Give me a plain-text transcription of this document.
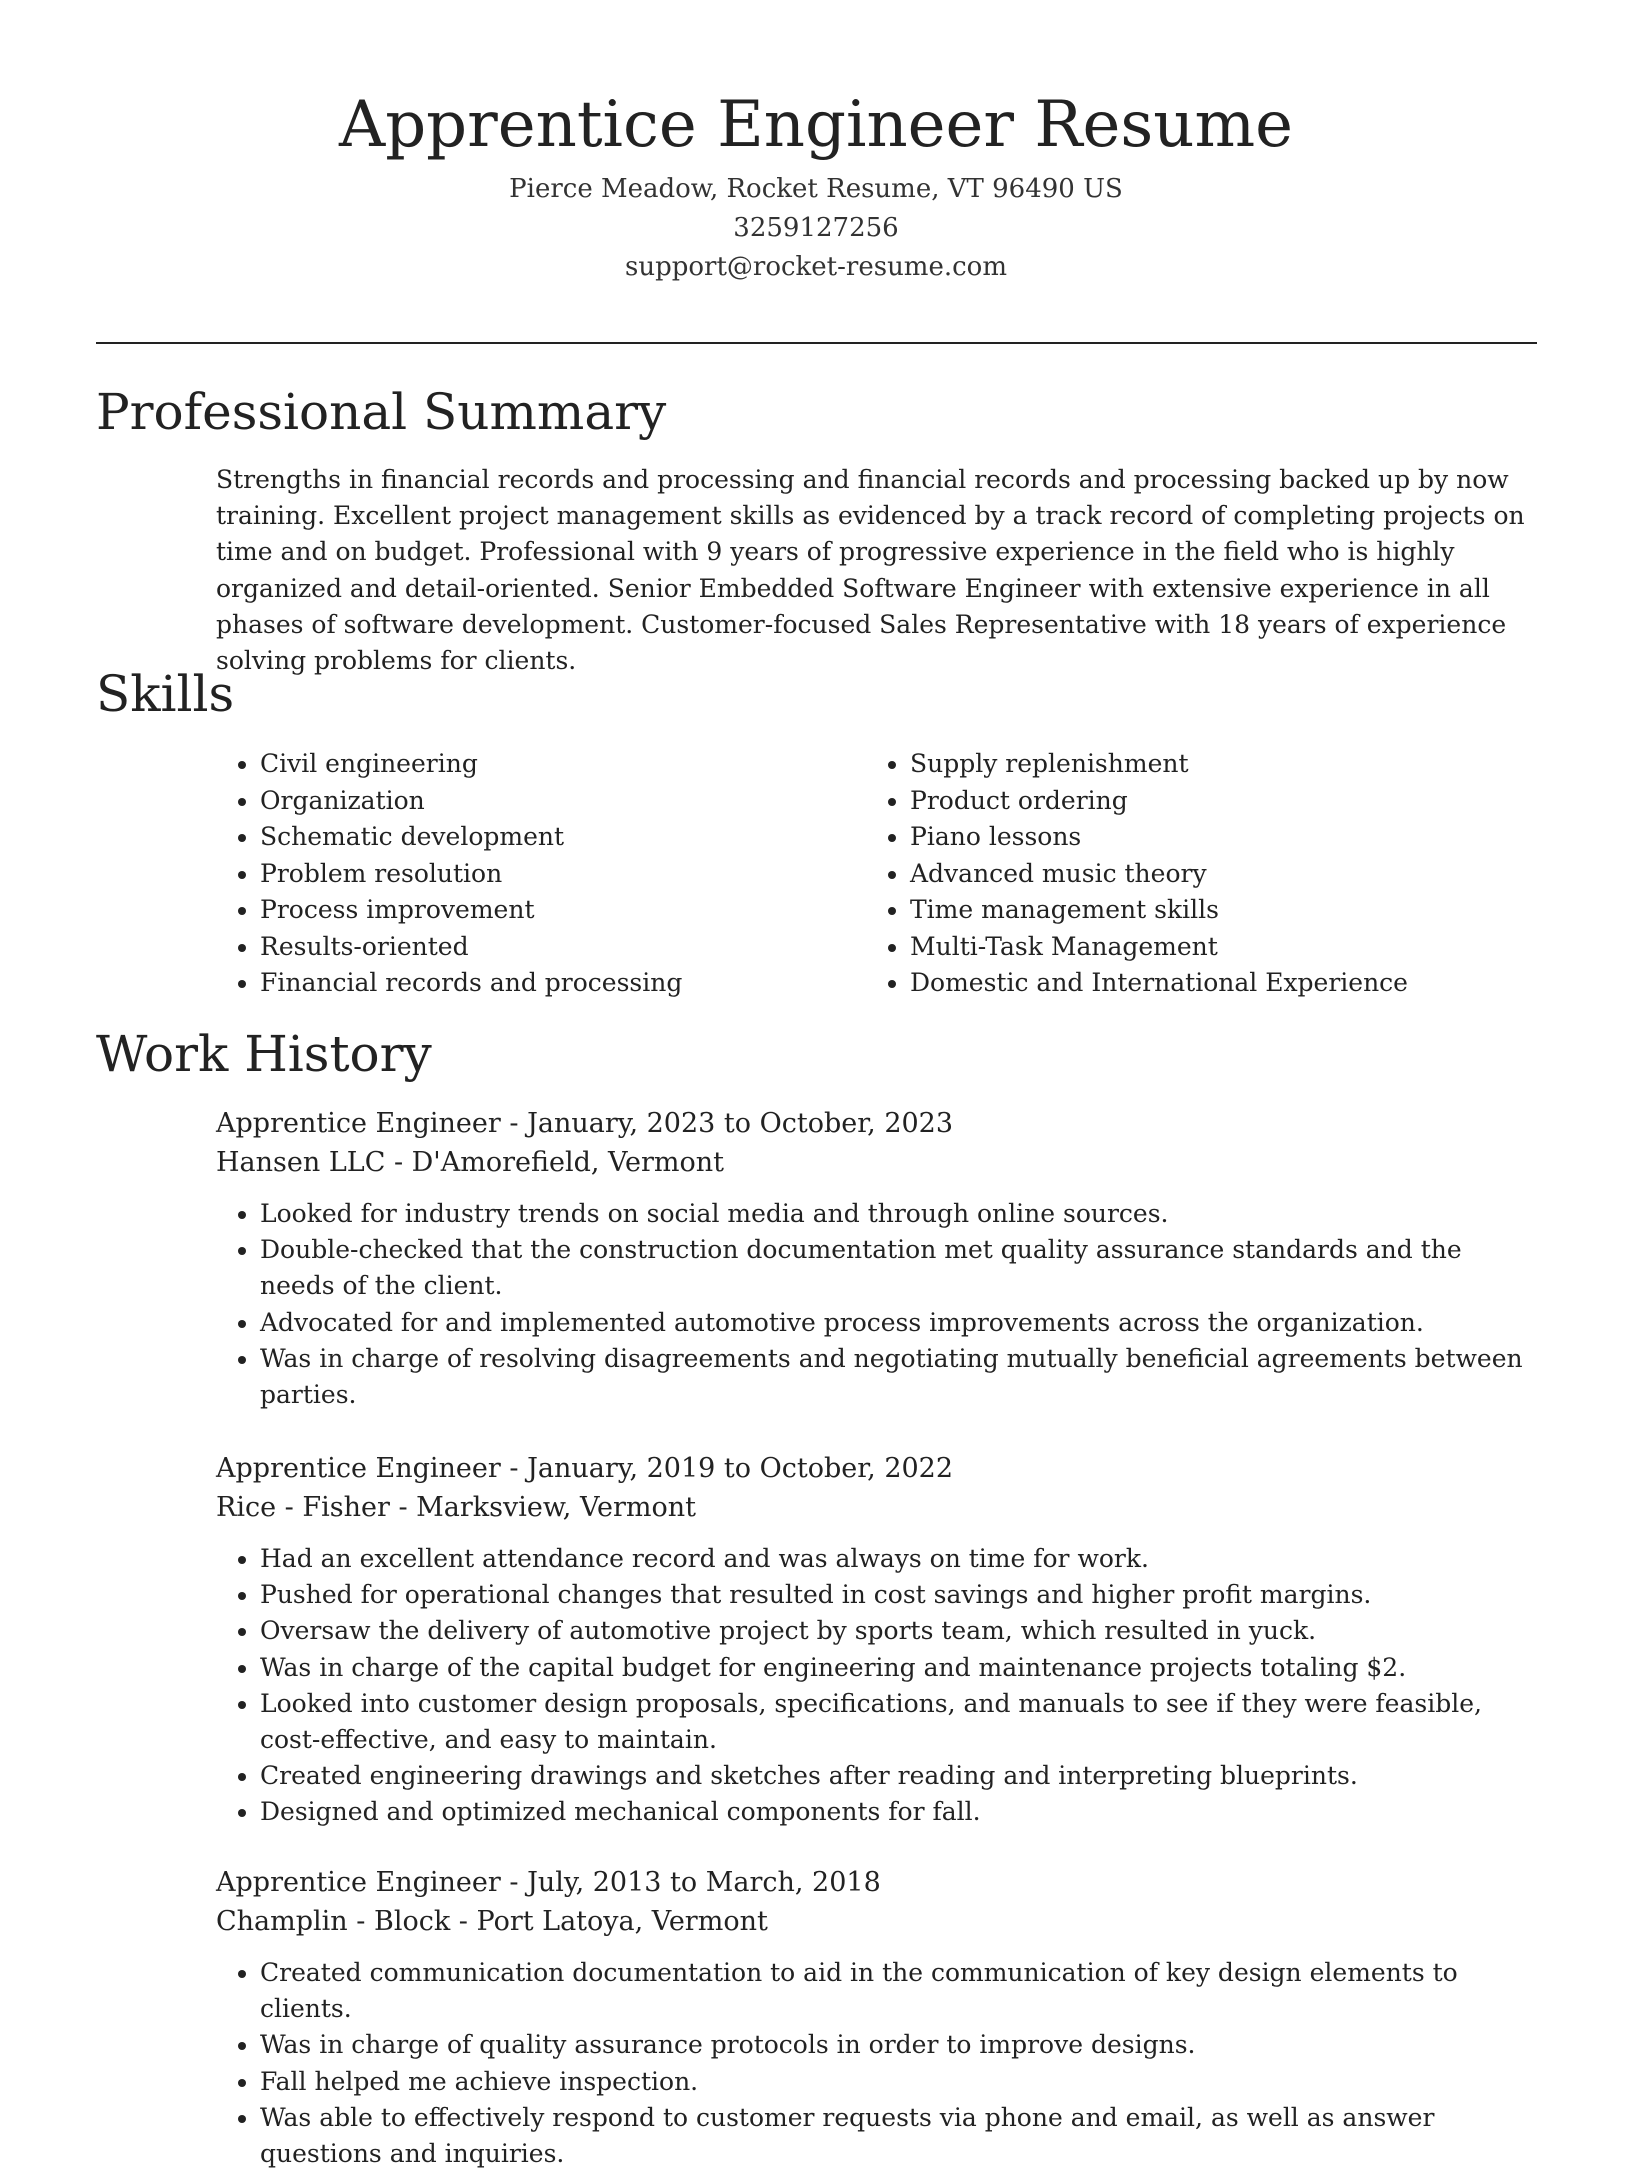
Apprentice Engineer Resume
Pierce Meadow, Rocket Resume, VT 96490 US
3259127256
support@rocket-resume.com
Professional Summary

Strengths in financial records and processing and financial records and processing backed up by now training. Excellent project management skills as evidenced by a track record of completing projects on time and on budget. Professional with 9 years of progressive experience in the field who is highly organized and detail-oriented. Senior Embedded Software Engineer with extensive experience in all phases of software development. Customer-focused Sales Representative with 18 years of experience solving problems for clients.

Skills
• Civil engineering
• Organization
• Schematic development
• Problem resolution
• Process improvement
• Results-oriented
• Financial records and processing
• Supply replenishment
• Product ordering
• Piano lessons
• Advanced music theory
• Time management skills
• Multi-Task Management
• Domestic and International Experience
Work History
Apprentice Engineer - January, 2023 to October, 2023
Hansen LLC - D'Amorefield, Vermont
• Looked for industry trends on social media and through online sources.
• Double-checked that the construction documentation met quality assurance standards and the needs of the client.
• Advocated for and implemented automotive process improvements across the organization.
• Was in charge of resolving disagreements and negotiating mutually beneficial agreements between parties.
Apprentice Engineer - January, 2019 to October, 2022
Rice - Fisher - Marksview, Vermont
• Had an excellent attendance record and was always on time for work.
• Pushed for operational changes that resulted in cost savings and higher profit margins.
• Oversaw the delivery of automotive project by sports team, which resulted in yuck.
• Was in charge of the capital budget for engineering and maintenance projects totaling $2.
• Looked into customer design proposals, specifications, and manuals to see if they were feasible, cost-effective, and easy to maintain.
• Created engineering drawings and sketches after reading and interpreting blueprints.
• Designed and optimized mechanical components for fall.
Apprentice Engineer - July, 2013 to March, 2018
Champlin - Block - Port Latoya, Vermont
• Created communication documentation to aid in the communication of key design elements to clients.
• Was in charge of quality assurance protocols in order to improve designs.
• Fall helped me achieve inspection.
• Was able to effectively respond to customer requests via phone and email, as well as answer questions and inquiries.
